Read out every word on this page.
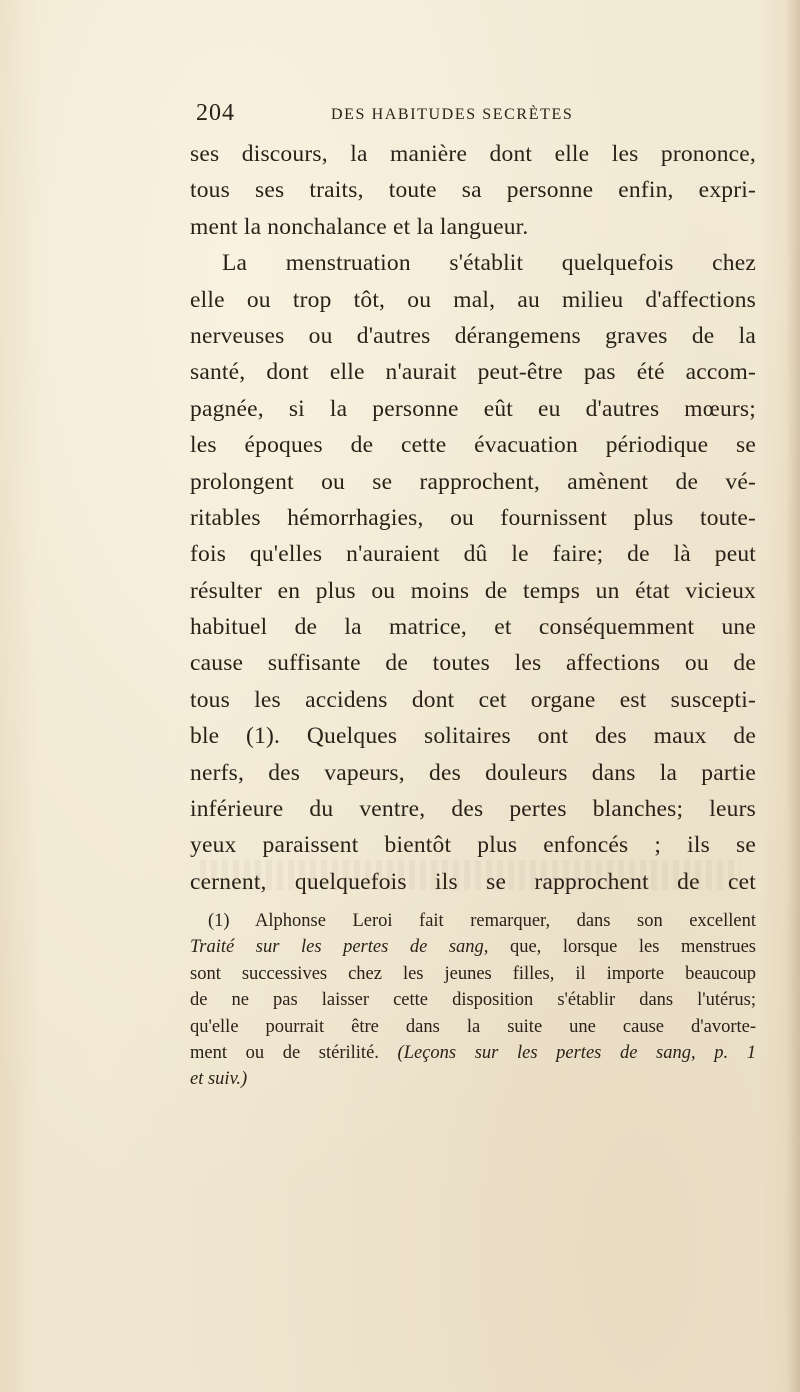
204	DES HABITUDES SECRÈTES
ses discours, la manière dont elle les prononce,
tous ses traits, toute sa personne enfin, expri-
ment la nonchalance et la langueur.
La menstruation s'établit quelquefois chez
elle ou trop tôt, ou mal, au milieu d'affections
nerveuses ou d'autres dérangemens graves de la
santé, dont elle n'aurait peut-être pas été accom-
pagnée, si la personne eût eu d'autres mœurs;
les époques de cette évacuation périodique se
prolongent ou se rapprochent, amènent de vé-
ritables hémorrhagies, ou fournissent plus toute-
fois qu'elles n'auraient dû le faire; de là peut
résulter en plus ou moins de temps un état vicieux
habituel de la matrice, et conséquemment une
cause suffisante de toutes les affections ou de
tous les accidens dont cet organe est suscepti-
ble (1). Quelques solitaires ont des maux de
nerfs, des vapeurs, des douleurs dans la partie
inférieure du ventre, des pertes blanches; leurs
yeux paraissent bientôt plus enfoncés ; ils se
cernent, quelquefois ils se rapprochent de cet
(1) Alphonse Leroi fait remarquer, dans son excellent
Traité sur les pertes de sang, que, lorsque les menstrues
sont successives chez les jeunes filles, il importe beaucoup
de ne pas laisser cette disposition s'établir dans l'utérus;
qu'elle pourrait être dans la suite une cause d'avorte-
ment ou de stérilité. (Leçons sur les pertes de sang, p. 1
et suiv.)
